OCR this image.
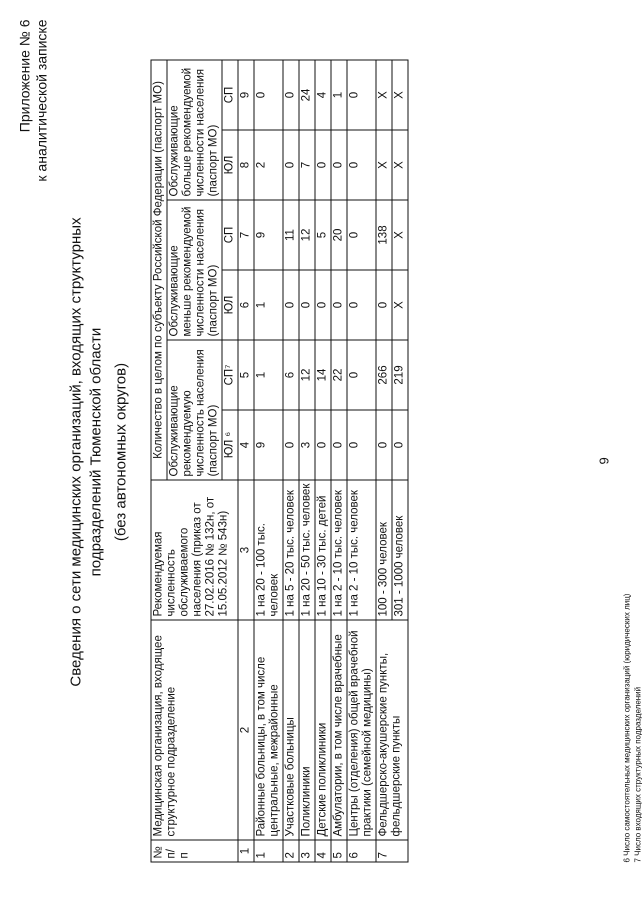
9
Приложение № 6 к аналитической записке
Сведения о сети медицинских организаций, входящих структурных подразделений Тюменской области (без автономных округов)
№ п/п	Медицинская организация, входящее структурное подразделение	Рекомендуемая численность обслуживаемого населения (приказ от 27.02.2016 № 132н, от 15.05.2012 № 543н)	Количество в целом по субъекту Российской Федерации (паспорт МО)					
			Обслуживающие рекомендуемую численность населения (паспорт МО)		Обслуживающие меньше рекомендуемой численности населения (паспорт МО)		Обслуживающие больше рекомендуемой численности населения (паспорт МО)	
			ЮЛ ⁶	СП⁷	ЮЛ	СП	ЮЛ	СП
1	2	3	4	5	6	7	8	9
1	Районные больницы, в том числе центральные, межрайонные	1 на 20 - 100 тыс. человек	9	1	1	9	2	0
2	Участковые больницы	1 на 5 - 20 тыс. человек	0	6	0	11	0	0
3	Поликлиники	1 на 20 - 50 тыс. человек	3	12	0	12	7	24
4	Детские поликлиники	1 на 10 - 30 тыс. детей	0	14	0	5	0	4
5	Амбулатории, в том числе врачебные	1 на 2 - 10 тыс. человек	0	22	0	20	0	1
6	Центры (отделения) общей врачебной практики (семейной медицины)	1 на 2 - 10 тыс. человек	0	0	0	0	0	0
7	Фельдшерско-акушерские пункты, фельдшерские пункты	100 - 300 человек	0	266	0	138	X	X
		301 - 1000 человек	0	219	X	X	X	X
6 Число самостоятельных медицинских организаций (юридических лиц) 7 Число входящих структурных подразделений
